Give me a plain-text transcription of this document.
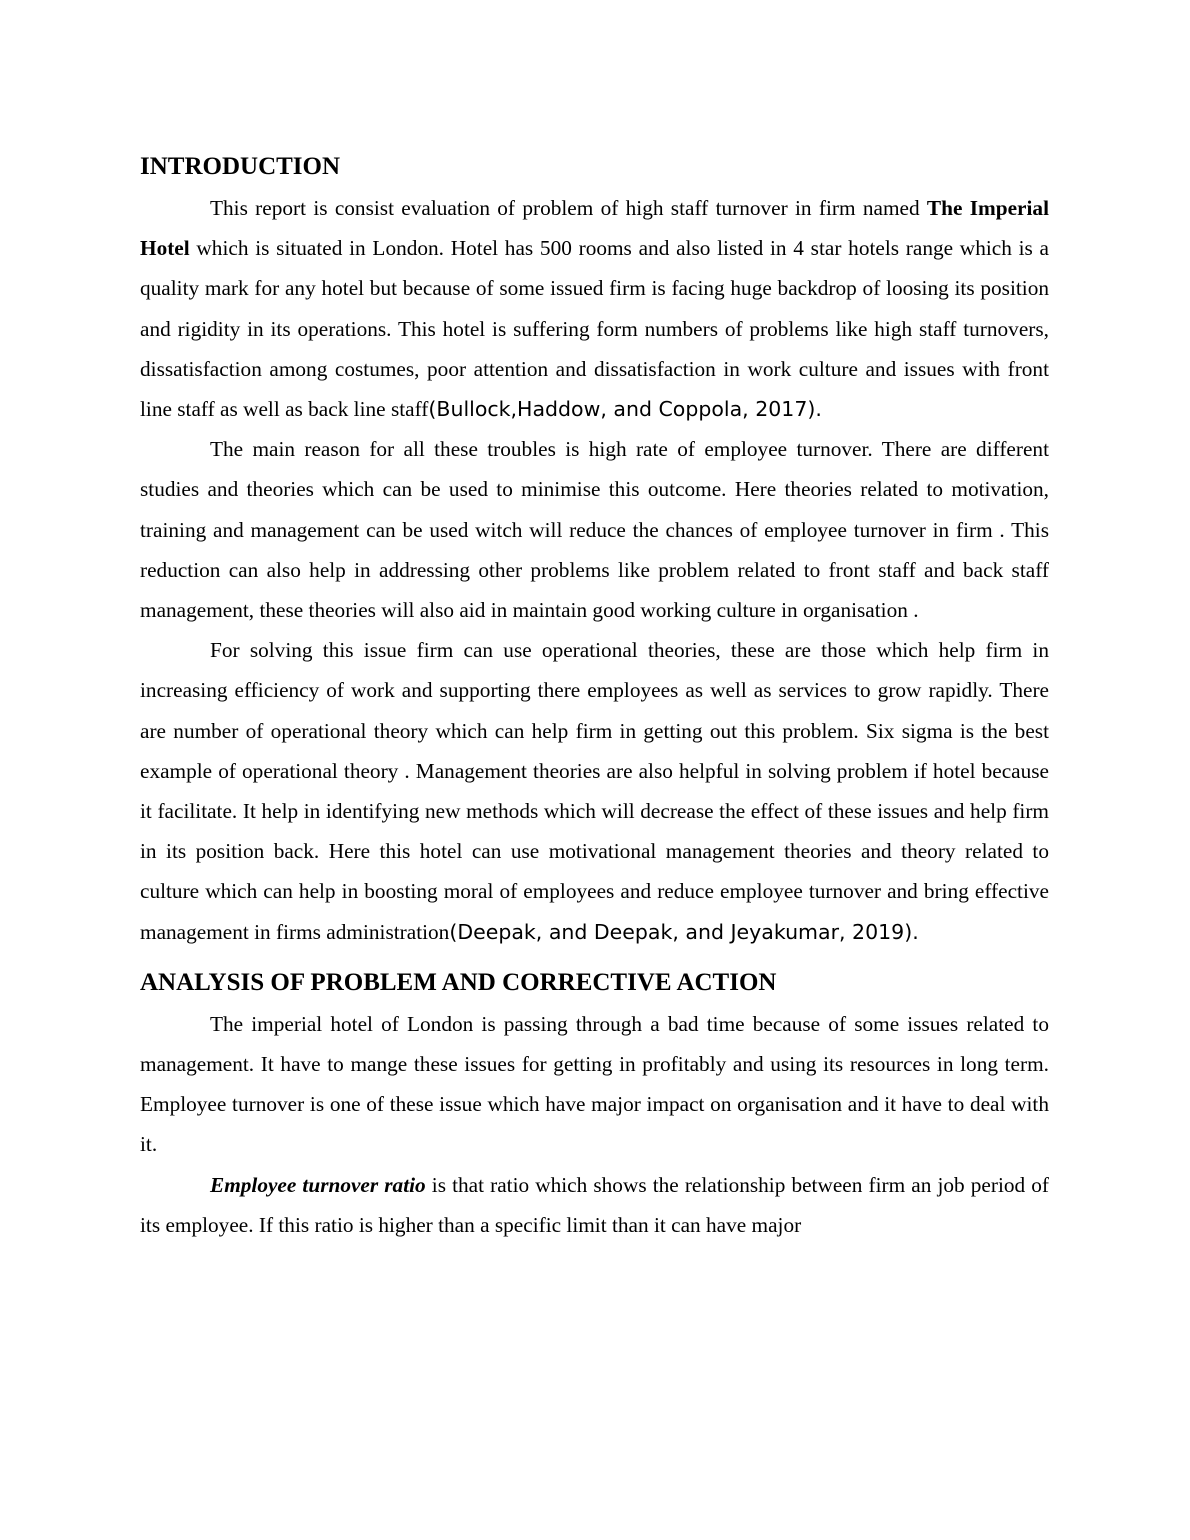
INTRODUCTION

This report is consist evaluation of problem of high staff turnover in firm named The Imperial Hotel which is situated in London. Hotel has 500 rooms and also listed in 4 star hotels range which is a quality mark for any hotel but because of some issued firm is facing huge backdrop of loosing its position and rigidity in its operations. This hotel is suffering form numbers of problems like high staff turnovers, dissatisfaction among costumes, poor attention and dissatisfaction in work culture and issues with front line staff as well as back line staff(Bullock,Haddow, and Coppola, 2017).

The main reason for all these troubles is high rate of employee turnover. There are different studies and theories which can be used to minimise this outcome. Here theories related to motivation, training and management can be used witch will reduce the chances of employee turnover in firm . This reduction can also help in addressing other problems like problem related to front staff and back staff management, these theories will also aid in maintain good working culture in organisation .

For solving this issue firm can use operational theories, these are those which help firm in increasing efficiency of work and supporting there employees as well as services to grow rapidly. There are number of operational theory which can help firm in getting out this problem. Six sigma is the best example of operational theory . Management theories are also helpful in solving problem if hotel because it facilitate. It help in identifying new methods which will decrease the effect of these issues and help firm in its position back. Here this hotel can use motivational management theories and theory related to culture which can help in boosting moral of employees and reduce employee turnover and bring effective management in firms administration(Deepak, and Deepak, and Jeyakumar, 2019).

ANALYSIS OF PROBLEM AND CORRECTIVE ACTION

The imperial hotel of London is passing through a bad time because of some issues related to management. It have to mange these issues for getting in profitably and using its resources in long term. Employee turnover is one of these issue which have major impact on organisation and it have to deal with it.

Employee turnover ratio is that ratio which shows the relationship between firm an job period of its employee. If this ratio is higher than a specific limit than it can have major
